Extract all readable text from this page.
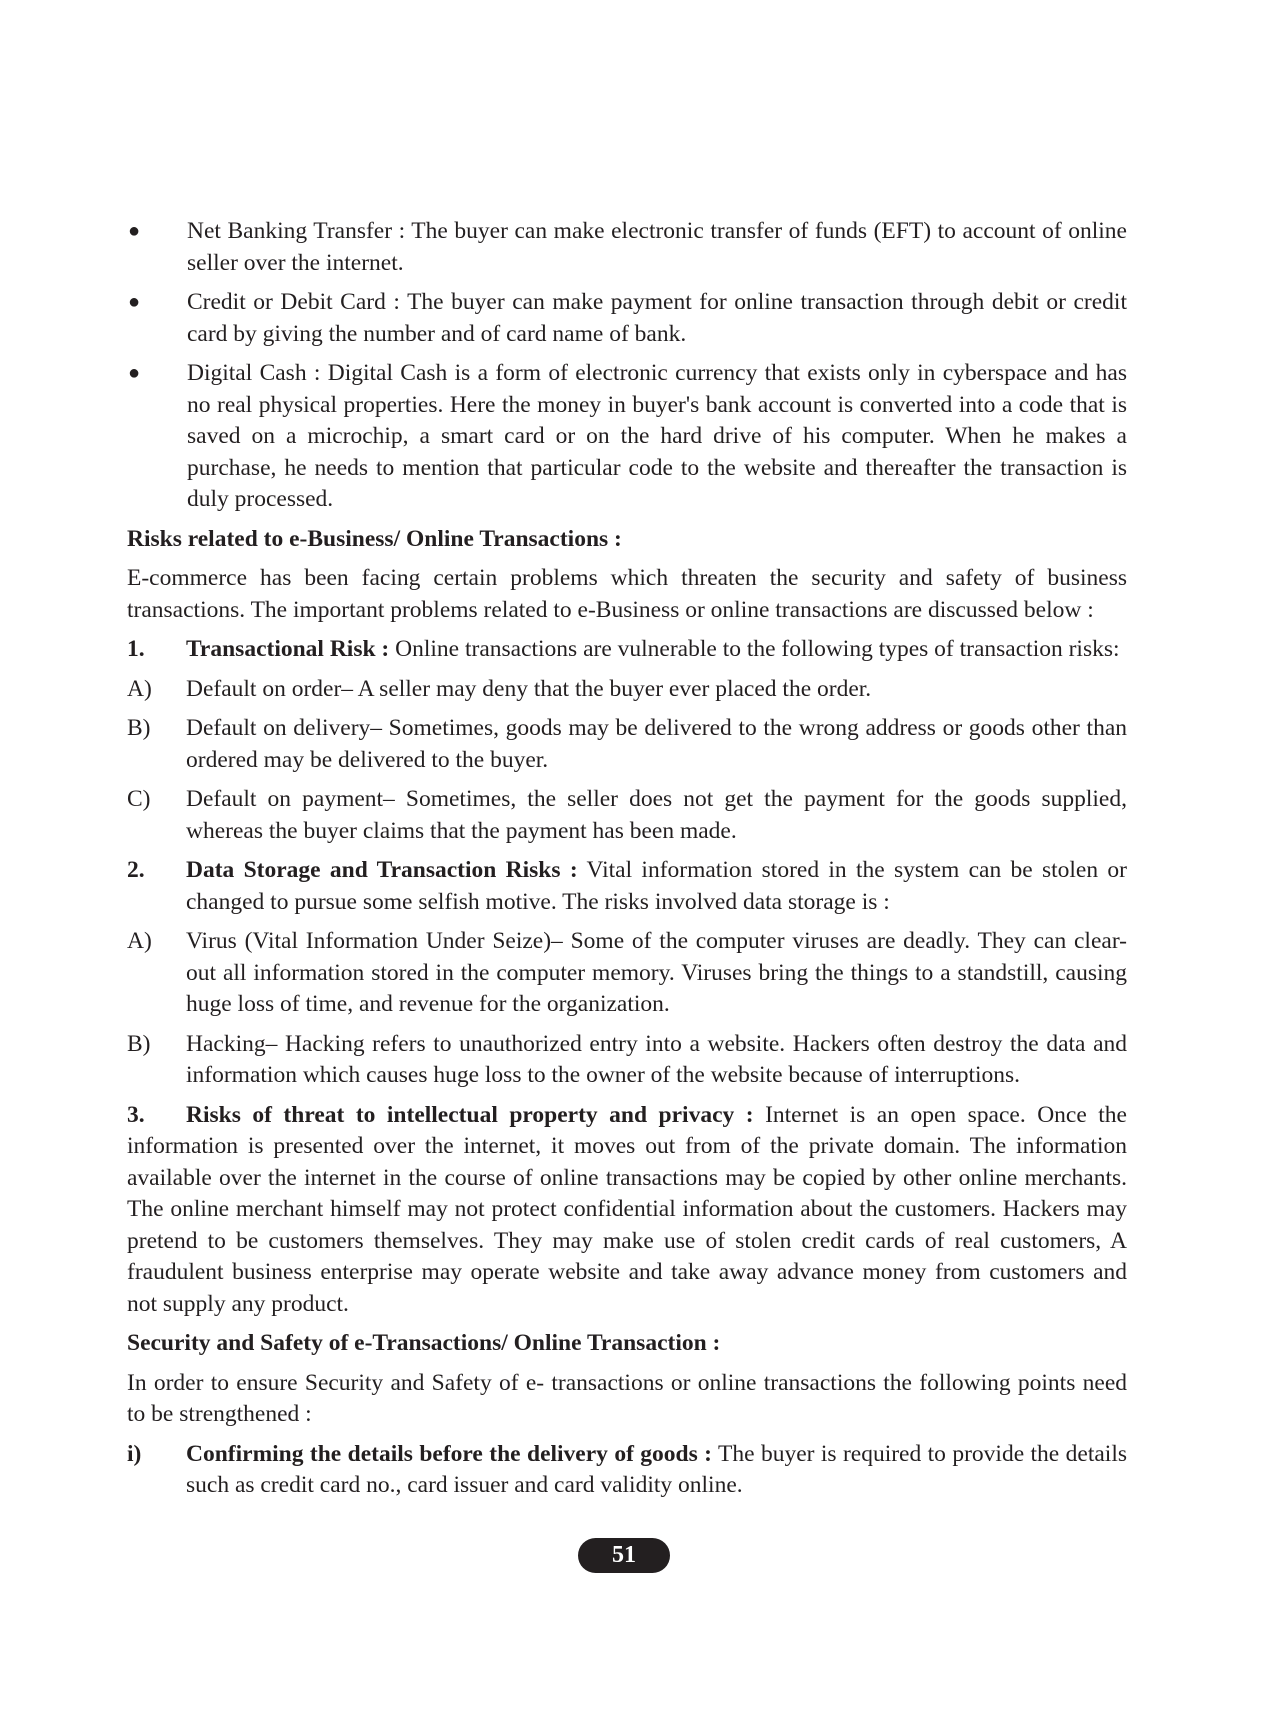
●	Net Banking Transfer : The buyer can make electronic transfer of funds (EFT) to account of online seller over the internet.

●	Credit or Debit Card : The buyer can make payment for online transaction through debit or credit card by giving the number and of card name of bank.

●	Digital Cash : Digital Cash is a form of electronic currency that exists only in cyberspace and has no real physical properties. Here the money in buyer's bank account is converted into a code that is saved on a microchip, a smart card or on the hard drive of his computer. When he makes a purchase, he needs to mention that particular code to the website and thereafter the transaction is duly processed.

Risks related to e-Business/ Online Transactions :

E-commerce has been facing certain problems which threaten the security and safety of business transactions. The important problems related to e-Business or online transactions are discussed below :

1.	Transactional Risk : Online transactions are vulnerable to the following types of transaction risks:

A)	Default on order– A seller may deny that the buyer ever placed the order.

B)	Default on delivery– Sometimes, goods may be delivered to the wrong address or goods other than ordered may be delivered to the buyer.

C)	Default on payment– Sometimes, the seller does not get the payment for the goods supplied, whereas the buyer claims that the payment has been made.

2.	Data Storage and Transaction Risks : Vital information stored in the system can be stolen or changed to pursue some selfish motive. The risks involved data storage is :

A)	Virus (Vital Information Under Seize)– Some of the computer viruses are deadly. They can clear-out all information stored in the computer memory. Viruses bring the things to a standstill, causing huge loss of time, and revenue for the organization.

B)	Hacking– Hacking refers to unauthorized entry into a website. Hackers often destroy the data and information which causes huge loss to the owner of the website because of interruptions.

3. Risks of threat to intellectual property and privacy : Internet is an open space. Once the information is presented over the internet, it moves out from of the private domain. The information available over the internet in the course of online transactions may be copied by other online merchants. The online merchant himself may not protect confidential information about the customers. Hackers may pretend to be customers themselves. They may make use of stolen credit cards of real customers, A fraudulent business enterprise may operate website and take away advance money from customers and not supply any product.

Security and Safety of e-Transactions/ Online Transaction :

In order to ensure Security and Safety of e- transactions or online transactions the following points need to be strengthened :

i)	Confirming the details before the delivery of goods : The buyer is required to provide the details such as credit card no., card issuer and card validity online.

51
